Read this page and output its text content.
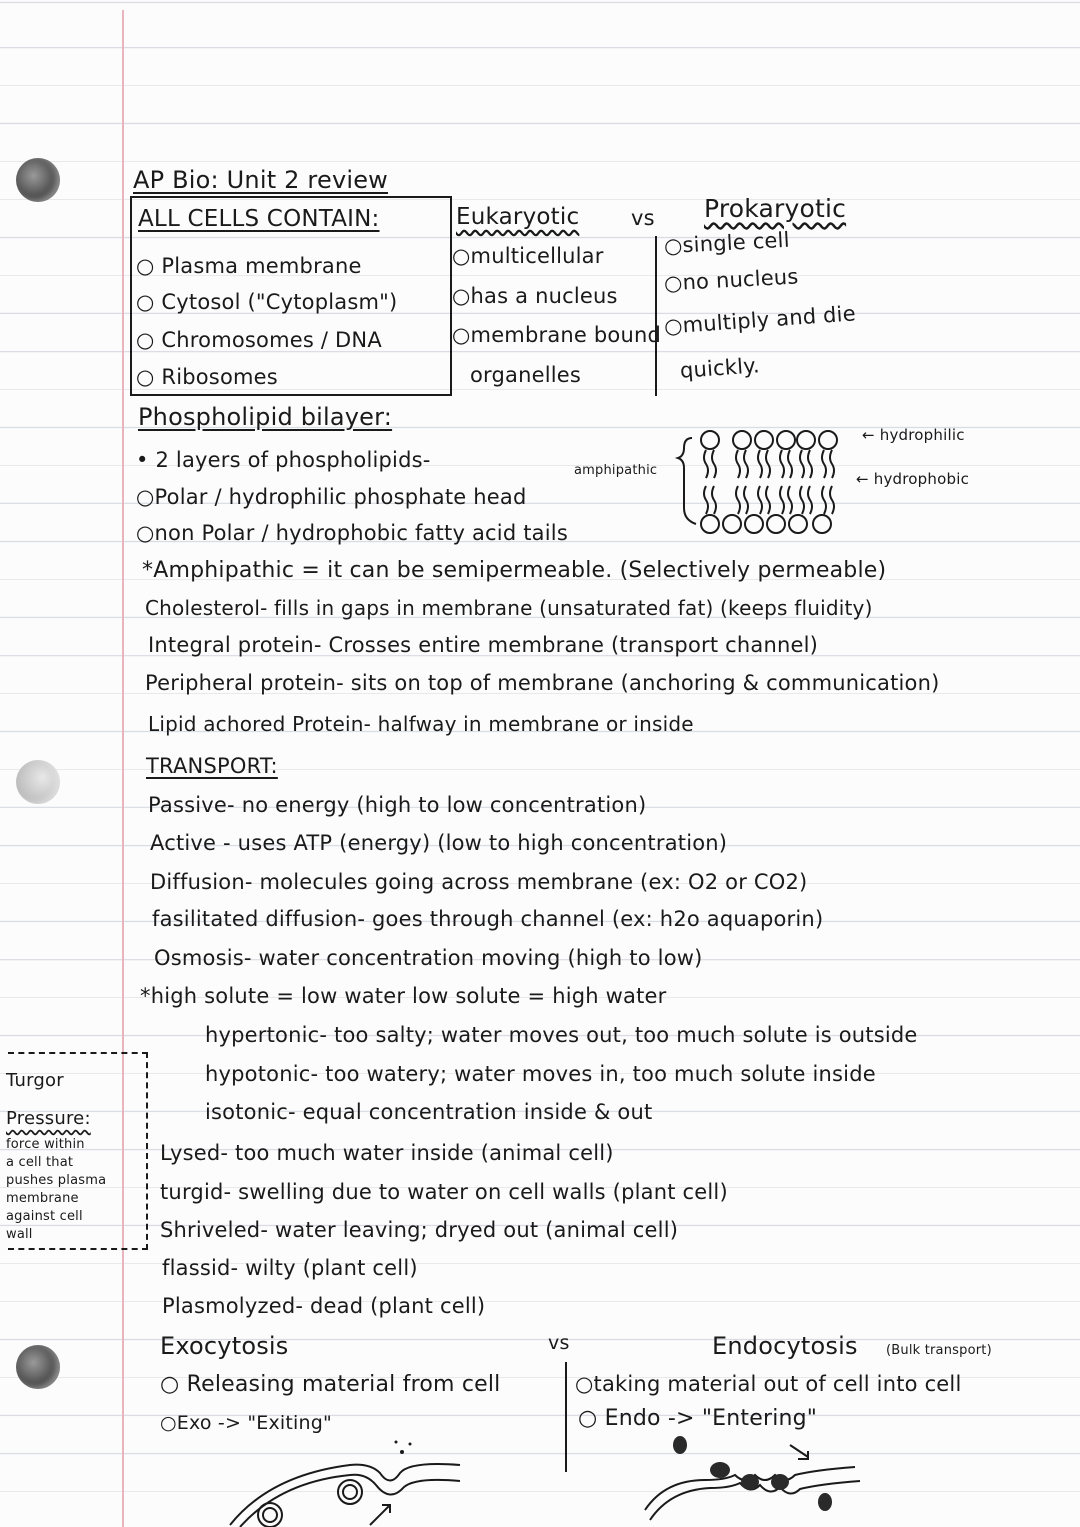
AP Bio: Unit 2 review
ALL CELLS CONTAIN:
○ Plasma membrane
○ Cytosol ("Cytoplasm")
○ Chromosomes / DNA
○ Ribosomes
Eukaryotic vs Prokaryotic
○multicellular
○has a nucleus
○membrane bound
organelles
○single cell
○no nucleus
○multiply and die
quickly.
Phospholipid bilayer:
• 2 layers of phospholipids-
○Polar / hydrophilic phosphate head
○non Polar / hydrophobic fatty acid tails
amphipathic
← hydrophilic
← hydrophobic
*Amphipathic = it can be semipermeable. (Selectively permeable)
Cholesterol- fills in gaps in membrane (unsaturated fat) (keeps fluidity)
Integral protein- Crosses entire membrane (transport channel)
Peripheral protein- sits on top of membrane (anchoring & communication)
Lipid achored Protein- halfway in membrane or inside
TRANSPORT:
Passive- no energy (high to low concentration)
Active - uses ATP (energy) (low to high concentration)
Diffusion- molecules going across membrane (ex: O2 or CO2)
fasilitated diffusion- goes through channel (ex: h2o aquaporin)
Osmosis- water concentration moving (high to low)
*high solute = low water low solute = high water
hypertonic- too salty; water moves out, too much solute is outside
hypotonic- too watery; water moves in, too much solute inside
isotonic- equal concentration inside & out
Lysed- too much water inside (animal cell)
turgid- swelling due to water on cell walls (plant cell)
Shriveled- water leaving; dryed out (animal cell)
flassid- wilty (plant cell)
Plasmolyzed- dead (plant cell)
Turgor
Pressure:
force within
a cell that
pushes plasma
membrane
against cell
wall
Exocytosis	vs	Endocytosis (Bulk transport)
○ Releasing material from cell
○Exo -> "Exiting"
○taking material out of cell into cell
○ Endo -> "Entering"
